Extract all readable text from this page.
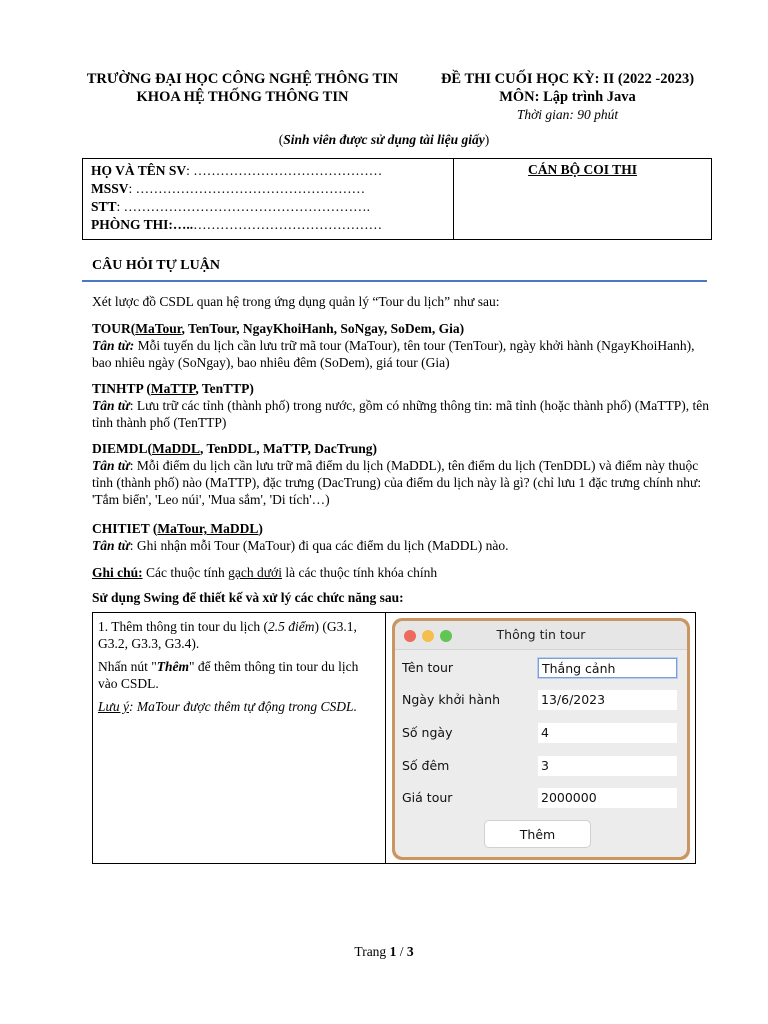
TRƯỜNG ĐẠI HỌC CÔNG NGHỆ THÔNG TIN
KHOA HỆ THỐNG THÔNG TIN
ĐỀ THI CUỐI HỌC KỲ: II (2022 -2023)
MÔN: Lập trình Java
Thời gian: 90 phút
(Sinh viên được sử dụng tài liệu giấy)
HỌ VÀ TÊN SV: ……………………………………
MSSV: ……………………………………………
STT: ……………………………………………….
PHÒNG THI:…..……………………………………
CÁN BỘ COI THI
CÂU HỎI TỰ LUẬN
Xét lược đồ CSDL quan hệ trong ứng dụng quản lý “Tour du lịch” như sau:
TOUR(MaTour, TenTour, NgayKhoiHanh, SoNgay, SoDem, Gia)
Tân từ: Mỗi tuyến du lịch cần lưu trữ mã tour (MaTour), tên tour (TenTour), ngày khởi hành (NgayKhoiHanh), bao nhiêu ngày (SoNgay), bao nhiêu đêm (SoDem), giá tour (Gia)
TINHTP (MaTTP, TenTTP)
Tân từ: Lưu trữ các tỉnh (thành phố) trong nước, gồm có những thông tin: mã tỉnh (hoặc thành phố) (MaTTP), tên tỉnh thành phố (TenTTP)
DIEMDL(MaDDL, TenDDL, MaTTP, DacTrung)
Tân từ: Mỗi điểm du lịch cần lưu trữ mã điểm du lịch (MaDDL), tên điểm du lịch (TenDDL) và điểm này thuộc tỉnh (thành phố) nào (MaTTP), đặc trưng (DacTrung) của điểm du lịch này là gì? (chỉ lưu 1 đặc trưng chính như: 'Tắm biển', 'Leo núi', 'Mua sắm', 'Di tích'…)
CHITIET (MaTour, MaDDL)
Tân từ: Ghi nhận mỗi Tour (MaTour) đi qua các điểm du lịch (MaDDL) nào.
Ghi chú: Các thuộc tính gạch dưới là các thuộc tính khóa chính
Sử dụng Swing để thiết kế và xử lý các chức năng sau:
1. Thêm thông tin tour du lịch (2.5 điểm) (G3.1, G3.2, G3.3, G3.4).
Nhấn nút "Thêm" để thêm thông tin tour du lịch vào CSDL.
Lưu ý: MaTour được thêm tự động trong CSDL.
Thông tin tour
Tên tour	Thắng cảnh
Ngày khởi hành	13/6/2023
Số ngày	4
Số đêm	3
Giá tour	2000000
Thêm
Trang 1 / 3
